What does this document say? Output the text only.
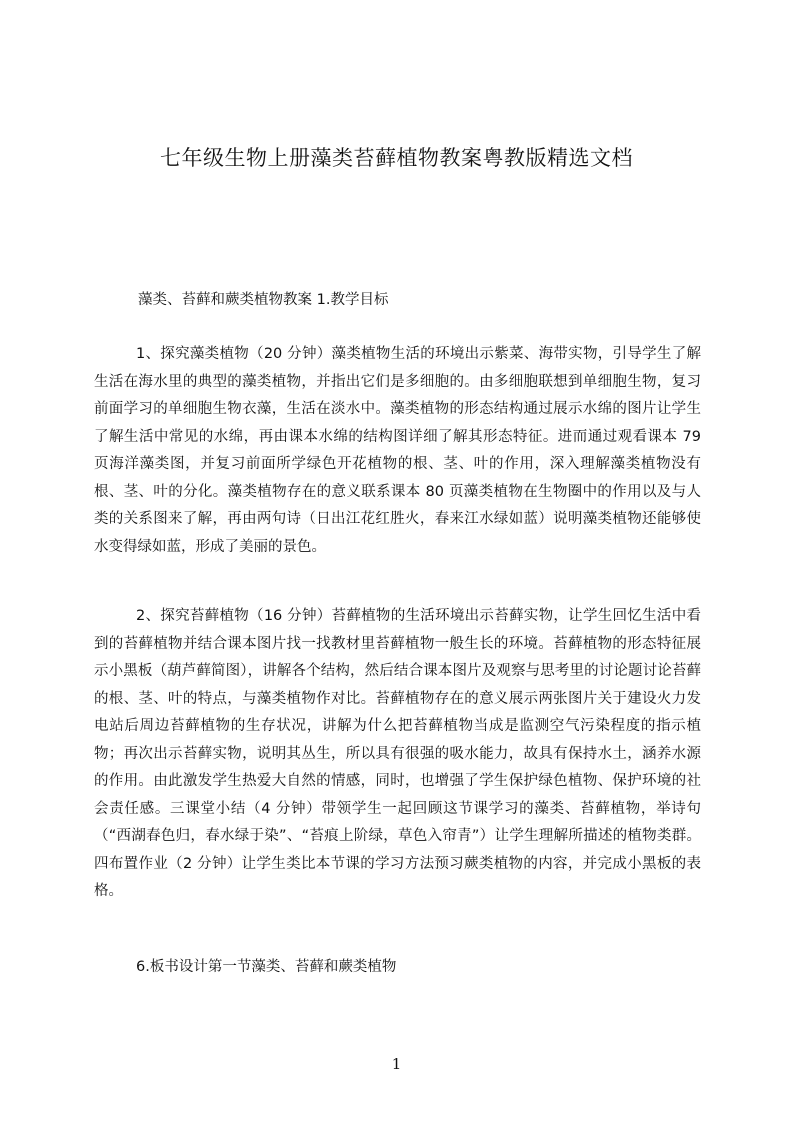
七年级生物上册藻类苔藓植物教案粤教版精选文档

藻类、苔藓和蕨类植物教案 1.教学目标

1、探究藻类植物（20 分钟）藻类植物生活的环境出示紫菜、海带实物，引导学生了解生活在海水里的典型的藻类植物，并指出它们是多细胞的。由多细胞联想到单细胞生物，复习前面学习的单细胞生物衣藻，生活在淡水中。藻类植物的形态结构通过展示水绵的图片让学生了解生活中常见的水绵，再由课本水绵的结构图详细了解其形态特征。进而通过观看课本 79 页海洋藻类图，并复习前面所学绿色开花植物的根、茎、叶的作用，深入理解藻类植物没有根、茎、叶的分化。藻类植物存在的意义联系课本 80 页藻类植物在生物圈中的作用以及与人类的关系图来了解，再由两句诗（日出江花红胜火，春来江水绿如蓝）说明藻类植物还能够使水变得绿如蓝，形成了美丽的景色。

2、探究苔藓植物（16 分钟）苔藓植物的生活环境出示苔藓实物，让学生回忆生活中看到的苔藓植物并结合课本图片找一找教材里苔藓植物一般生长的环境。苔藓植物的形态特征展示小黑板（葫芦藓简图），讲解各个结构，然后结合课本图片及观察与思考里的讨论题讨论苔藓的根、茎、叶的特点，与藻类植物作对比。苔藓植物存在的意义展示两张图片关于建设火力发电站后周边苔藓植物的生存状况，讲解为什么把苔藓植物当成是监测空气污染程度的指示植物；再次出示苔藓实物，说明其丛生，所以具有很强的吸水能力，故具有保持水土，涵养水源的作用。由此激发学生热爱大自然的情感，同时，也增强了学生保护绿色植物、保护环境的社会责任感。三课堂小结（4 分钟）带领学生一起回顾这节课学习的藻类、苔藓植物，举诗句（“西湖春色归，春水绿于染”、“苔痕上阶绿，草色入帘青”）让学生理解所描述的植物类群。四布置作业（2 分钟）让学生类比本节课的学习方法预习蕨类植物的内容，并完成小黑板的表格。

6.板书设计第一节藻类、苔藓和蕨类植物

1
